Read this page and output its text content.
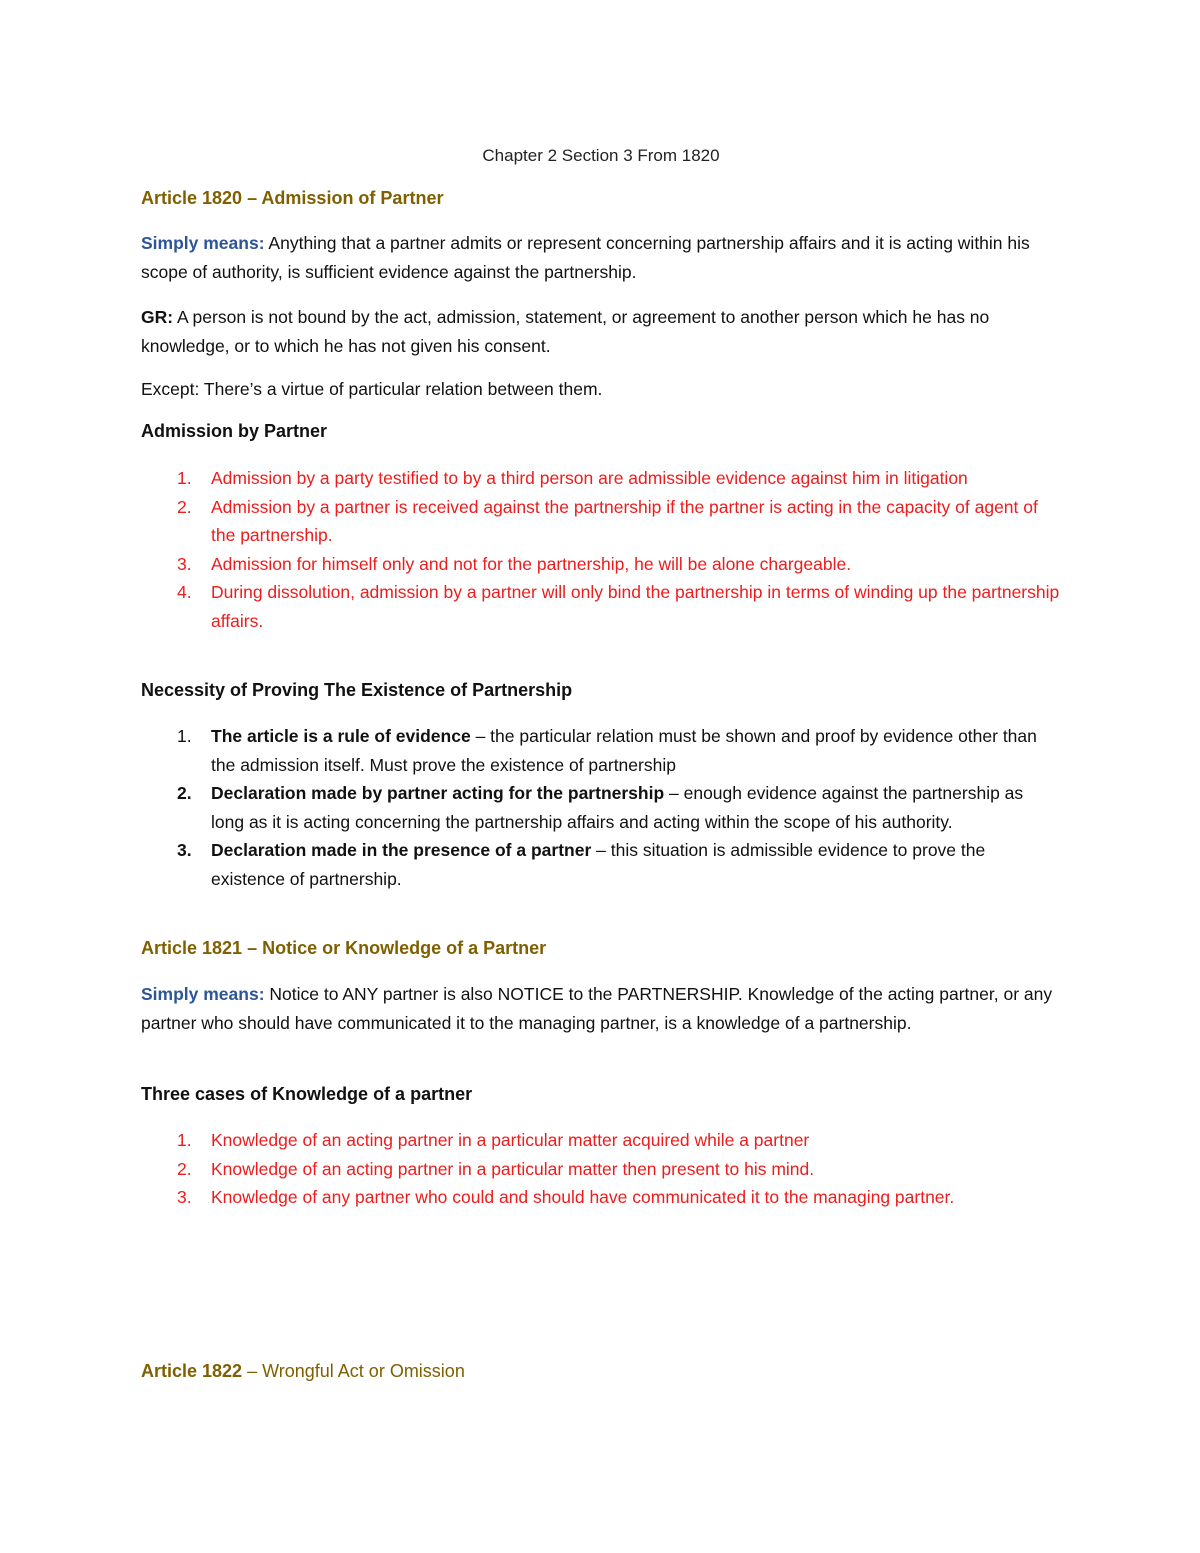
Chapter 2 Section 3 From 1820
Article 1820 – Admission of Partner
Simply means: Anything that a partner admits or represent concerning partnership affairs and it is acting within his scope of authority, is sufficient evidence against the partnership.
GR: A person is not bound by the act, admission, statement, or agreement to another person which he has no knowledge, or to which he has not given his consent.
Except: There’s a virtue of particular relation between them.
Admission by Partner
1. Admission by a party testified to by a third person are admissible evidence against him in litigation
2. Admission by a partner is received against the partnership if the partner is acting in the capacity of agent of the partnership.
3. Admission for himself only and not for the partnership, he will be alone chargeable.
4. During dissolution, admission by a partner will only bind the partnership in terms of winding up the partnership affairs.
Necessity of Proving The Existence of Partnership
1. The article is a rule of evidence – the particular relation must be shown and proof by evidence other than the admission itself. Must prove the existence of partnership
2. Declaration made by partner acting for the partnership – enough evidence against the partnership as long as it is acting concerning the partnership affairs and acting within the scope of his authority.
3. Declaration made in the presence of a partner – this situation is admissible evidence to prove the existence of partnership.
Article 1821 – Notice or Knowledge of a Partner
Simply means: Notice to ANY partner is also NOTICE to the PARTNERSHIP. Knowledge of the acting partner, or any partner who should have communicated it to the managing partner, is a knowledge of a partnership.
Three cases of Knowledge of a partner
1. Knowledge of an acting partner in a particular matter acquired while a partner
2. Knowledge of an acting partner in a particular matter then present to his mind.
3. Knowledge of any partner who could and should have communicated it to the managing partner.
Article 1822 – Wrongful Act or Omission
